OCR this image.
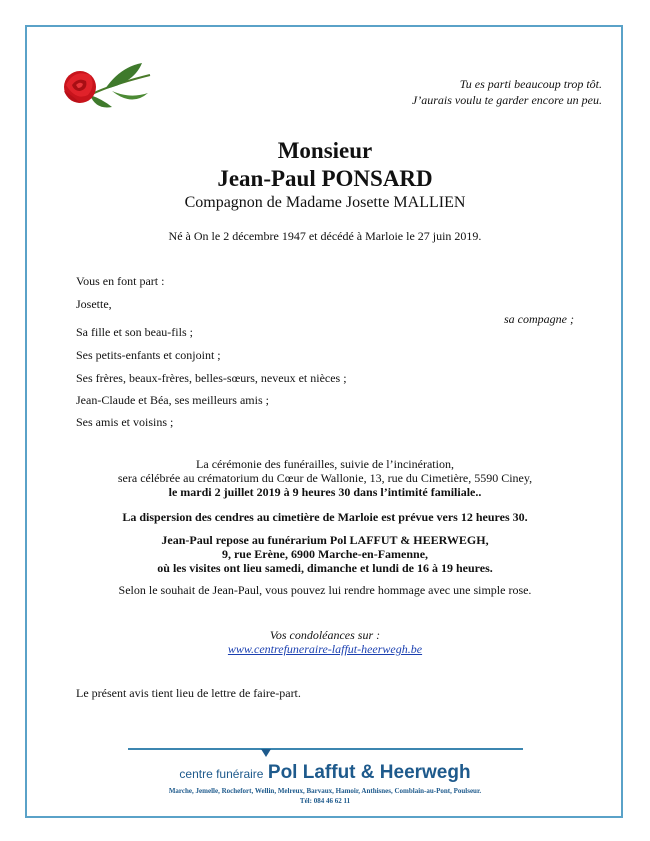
Tu es parti beaucoup trop tôt.
J’aurais voulu te garder encore un peu.
Monsieur
Jean-Paul PONSARD
Compagnon de Madame Josette MALLIEN
Né à On le 2 décembre 1947 et décédé à Marloie le 27 juin 2019.
Vous en font part :
Josette,
sa compagne ;
Sa fille et son beau-fils ;
Ses petits-enfants et conjoint ;
Ses frères, beaux-frères, belles-sœurs, neveux et nièces ;
Jean-Claude et Béa, ses meilleurs amis ;
Ses amis et voisins ;
La cérémonie des funérailles, suivie de l’incinération,
sera célébrée au crématorium du Cœur de Wallonie, 13, rue du Cimetière, 5590 Ciney,
le mardi 2 juillet 2019 à 9 heures 30 dans l’intimité familiale..
La dispersion des cendres au cimetière de Marloie est prévue vers 12 heures 30.
Jean-Paul repose au funérarium Pol LAFFUT & HEERWEGH,
9, rue Erène, 6900 Marche-en-Famenne,
où les visites ont lieu samedi, dimanche et lundi de 16 à 19 heures.
Selon le souhait de Jean-Paul, vous pouvez lui rendre hommage avec une simple rose.
Vos condoléances sur :
www.centrefuneraire-laffut-heerwegh.be
Le présent avis tient lieu de lettre de faire-part.
centre funéraire Pol Laffut & Heerwegh
Marche, Jemelle, Rochefort, Wellin, Melreux, Barvaux, Hamoir, Anthisnes, Comblain-au-Pont, Poulseur.
Tél: 084 46 62 11
